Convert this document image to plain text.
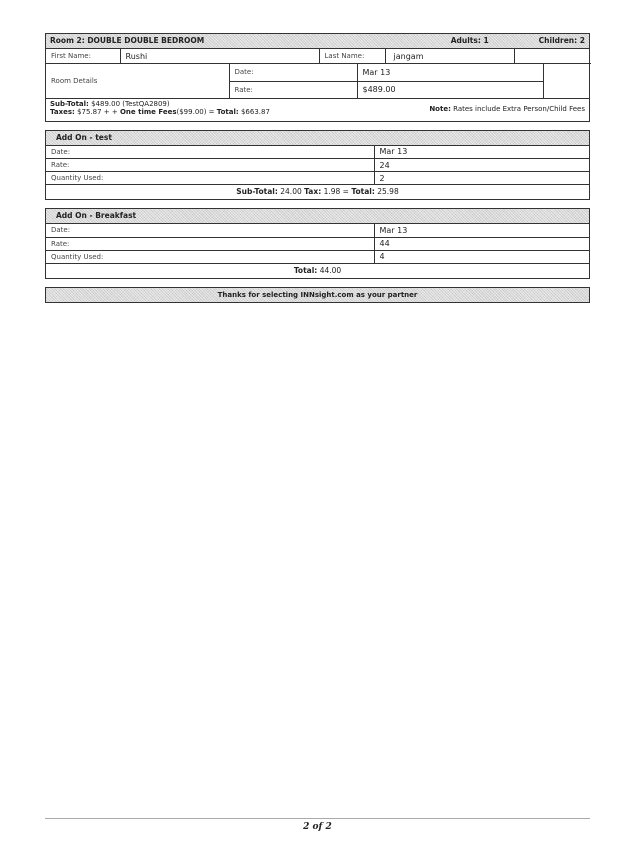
Room 2: DOUBLE DOUBLE BEDROOM	Adults: 1	Children: 2
First Name:	Rushi	Last Name:	jangam

Room Details	Date:	Mar 13	
	Rate:	$489.00	
Sub-Total: $489.00 (TestQA2809)
Taxes: $75.87 + + One time Fees($99.00) = Total: $663.87	Note: Rates include Extra Person/Child Fees
Add On - test
Date:	Mar 13
Rate:	24
Quantity Used:	2
Sub-Total: 24.00 Tax: 1.98 = Total: 25.98
Add On - Breakfast
Date:	Mar 13
Rate:	44
Quantity Used:	4
Total: 44.00
Thanks for selecting INNsight.com as your partner
2 of 2
